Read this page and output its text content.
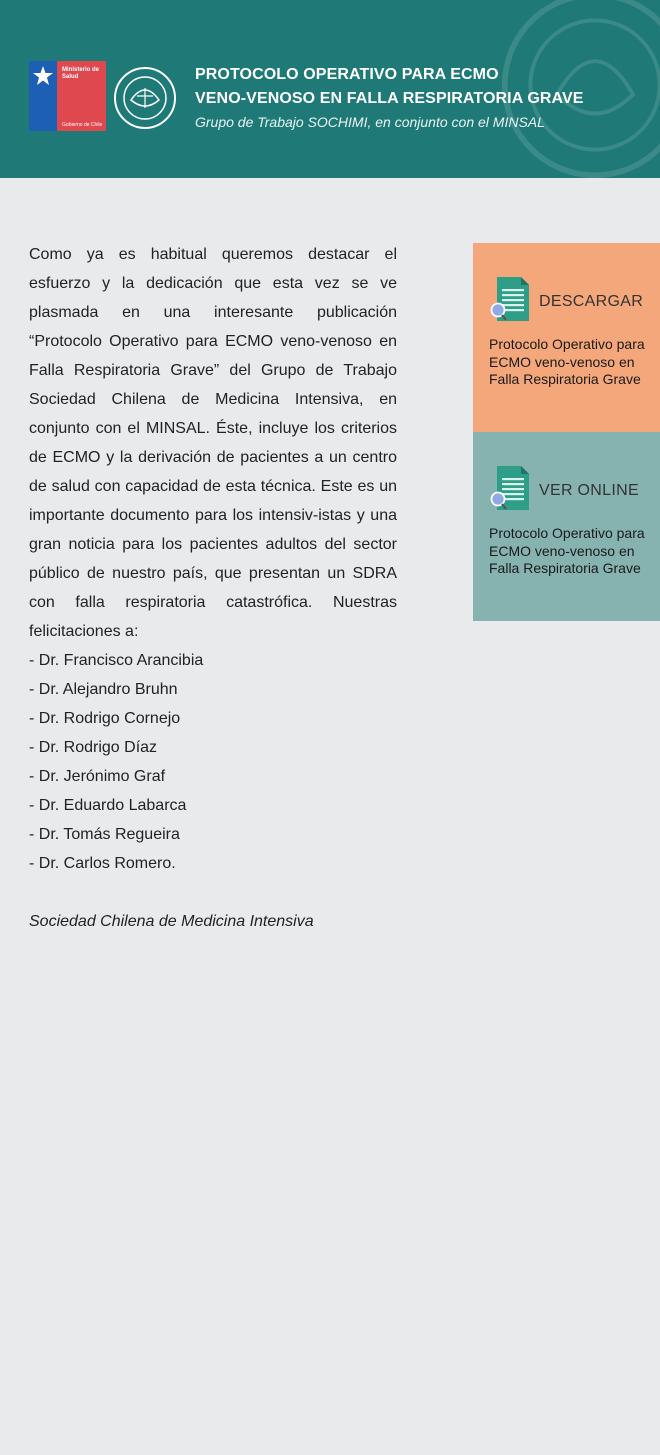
Ministerio de
Salud
Gobierno de Chile
PROTOCOLO OPERATIVO PARA ECMO
VENO-VENOSO EN FALLA RESPIRATORIA GRAVE
Grupo de Trabajo SOCHIMI, en conjunto con el MINSAL

Como ya es habitual queremos destacar el esfuerzo y la dedicación que esta vez se ve plasmada en una interesante publicación “Protocolo Operativo para ECMO veno-venoso en Falla Respiratoria Grave” del Grupo de Trabajo Sociedad Chilena de Medicina Intensiva, en conjunto con el MINSAL. Éste, incluye los criterios de ECMO y la derivación de pacientes a un centro de salud con capacidad de esta técnica. Este es un importante documento para los intensiv-istas y una gran noticia para los pacientes adultos del sector público de nuestro país, que presentan un SDRA con falla respiratoria catastrófica. Nuestras felicitaciones a:

- Dr. Francisco Arancibia
- Dr. Alejandro Bruhn
- Dr. Rodrigo Cornejo
- Dr. Rodrigo Díaz
- Dr. Jerónimo Graf
- Dr. Eduardo Labarca
- Dr. Tomás Regueira
- Dr. Carlos Romero.
Sociedad Chilena de Medicina Intensiva
DESCARGAR
Protocolo Operativo para ECMO veno-venoso en Falla Respiratoria Grave
VER ONLINE
Protocolo Operativo para ECMO veno-venoso en Falla Respiratoria Grave
